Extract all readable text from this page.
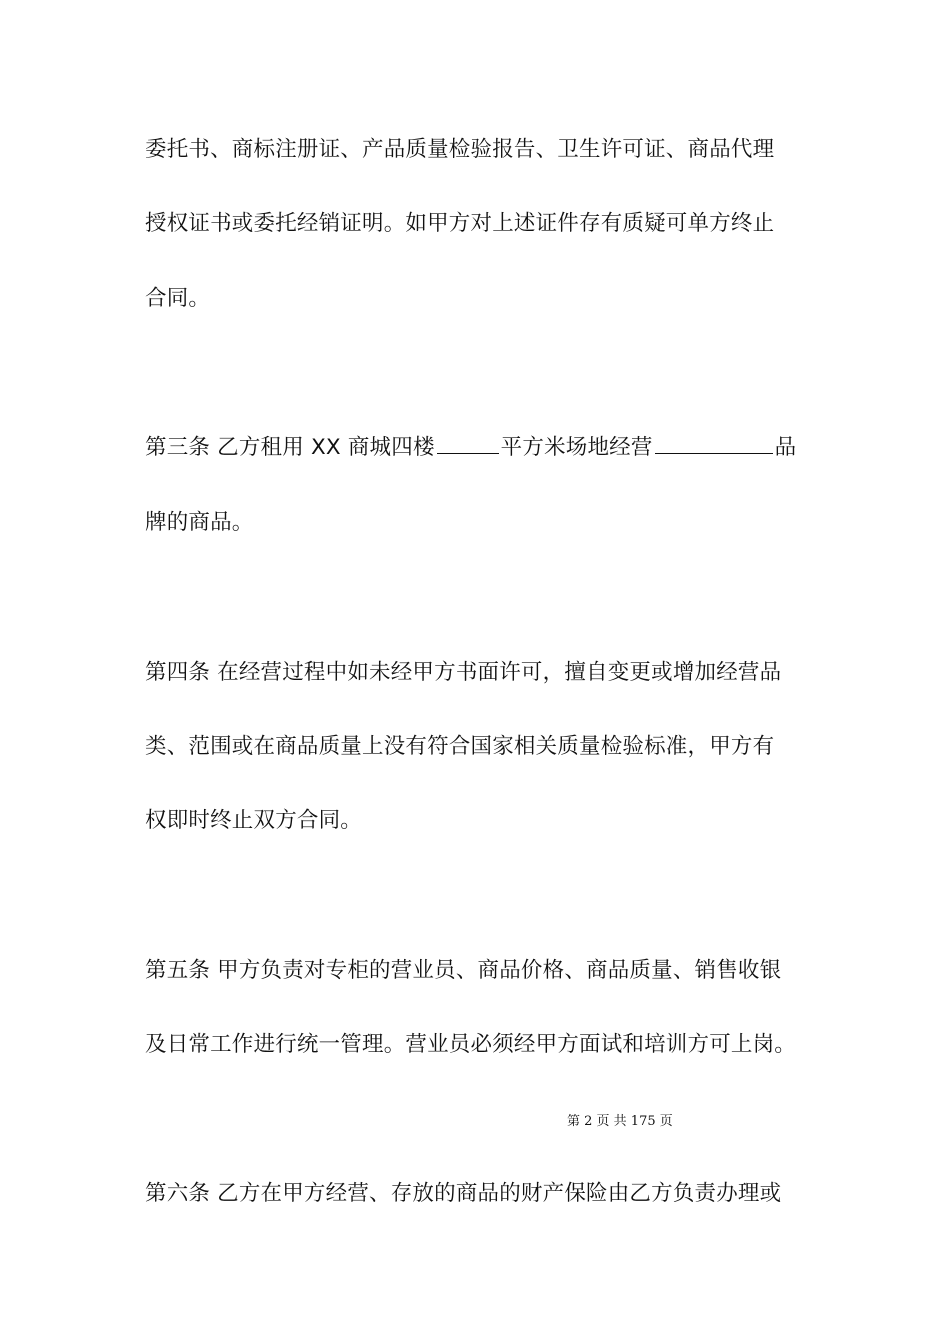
委托书、商标注册证、产品质量检验报告、卫生许可证、商品代理
授权证书或委托经销证明。如甲方对上述证件存有质疑可单方终止
合同。
第三条 乙方租用 XX 商城四楼	平方米场地经营	品
牌的商品。
第四条 在经营过程中如未经甲方书面许可，擅自变更或增加经营品
类、范围或在商品质量上没有符合国家相关质量检验标准，甲方有
权即时终止双方合同。
第五条 甲方负责对专柜的营业员、商品价格、商品质量、销售收银
及日常工作进行统一管理。营业员必须经甲方面试和培训方可上岗。
第 2 页 共 175 页
第六条 乙方在甲方经营、存放的商品的财产保险由乙方负责办理或
